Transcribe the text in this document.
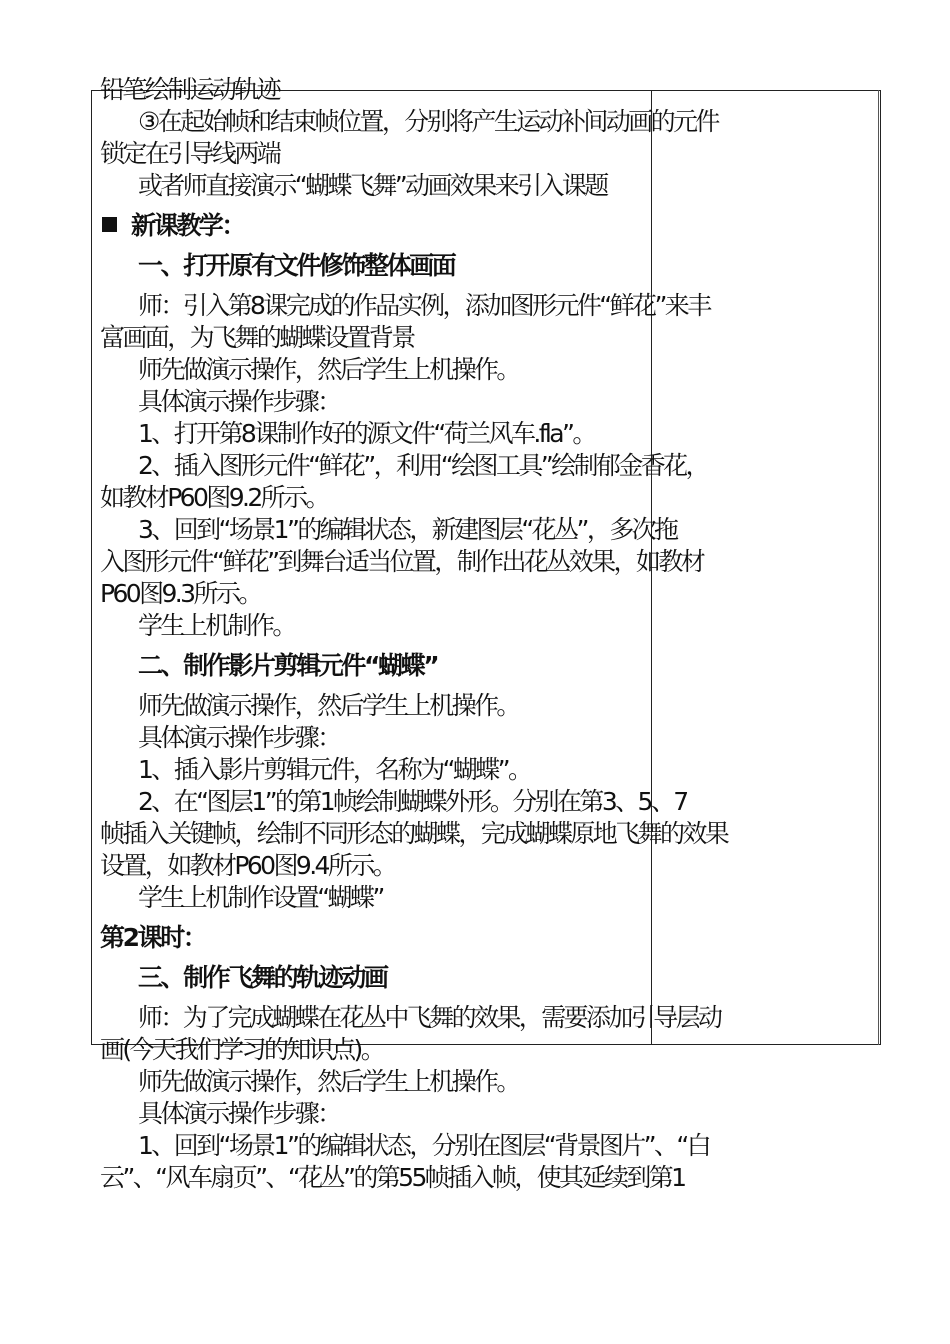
铅笔绘制运动轨迹

③在起始帧和结束帧位置，分别将产生运动补间动画的元件

锁定在引导线两端

或者师直接演示“蝴蝶飞舞”动画效果来引入课题

新课教学：

一、打开原有文件修饰整体画面

师：引入第8课完成的作品实例，添加图形元件“鲜花”来丰

富画面，为飞舞的蝴蝶设置背景

师先做演示操作，然后学生上机操作。

具体演示操作步骤：

1、打开第8课制作好的源文件“荷兰风车.fla”。

2、插入图形元件“鲜花”，利用“绘图工具”绘制郁金香花，

如教材P60图9.2所示。

3、回到“场景1”的编辑状态，新建图层“花丛”，多次拖

入图形元件“鲜花”到舞台适当位置，制作出花丛效果，如教材

P60图9.3所示。

学生上机制作。

二、制作影片剪辑元件“蝴蝶”

师先做演示操作，然后学生上机操作。

具体演示操作步骤：

1、插入影片剪辑元件，名称为“蝴蝶”。

2、在“图层1”的第1帧绘制蝴蝶外形。分别在第3、5、7

帧插入关键帧，绘制不同形态的蝴蝶，完成蝴蝶原地飞舞的效果

设置，如教材P60图9.4所示。

学生上机制作设置“蝴蝶”

第2课时：

三、制作飞舞的轨迹动画

师：为了完成蝴蝶在花丛中飞舞的效果，需要添加引导层动

画(今天我们学习的知识点)。

师先做演示操作，然后学生上机操作。

具体演示操作步骤：

1、回到“场景1”的编辑状态，分别在图层“背景图片”、“白

云”、“风车扇页”、“花丛”的第55帧插入帧，使其延续到第1
